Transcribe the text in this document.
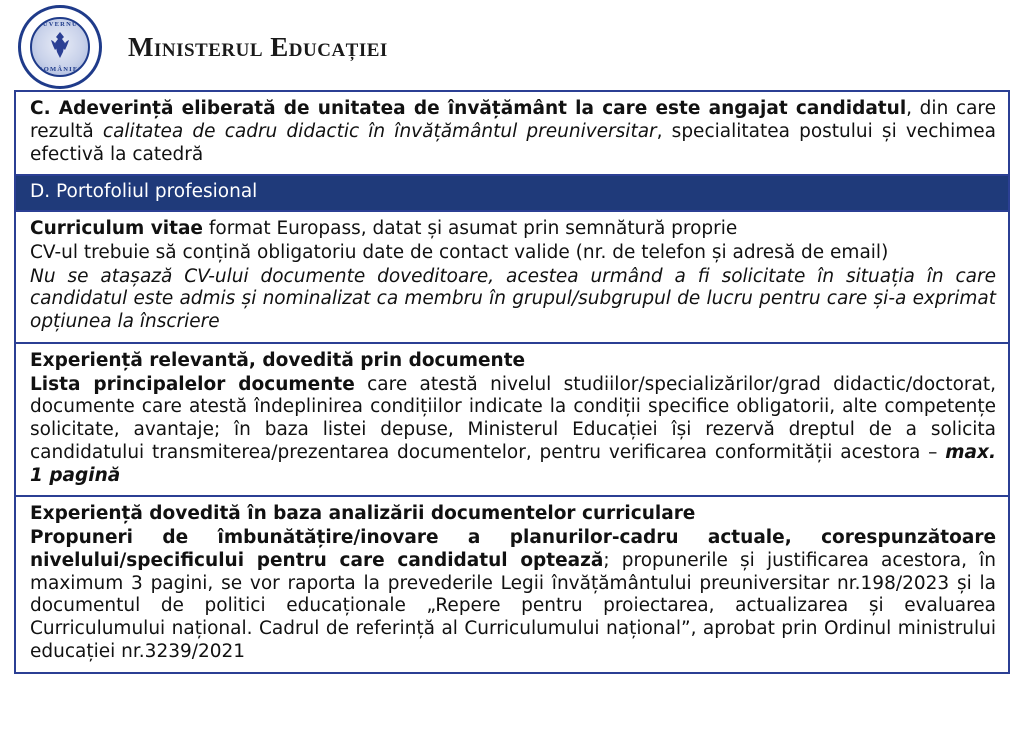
GUVERNUL
ROMÂNIEI
Ministerul Educației

C. Adeverință eliberată de unitatea de învățământ la care este angajat candidatul, din care rezultă calitatea de cadru didactic în învățământul preuniversitar, specialitatea postului și vechimea efectivă la catedră

D. Portofoliul profesional

Curriculum vitae format Europass, datat și asumat prin semnătură proprie

CV-ul trebuie să conțină obligatoriu date de contact valide (nr. de telefon și adresă de email)

Nu se atașază CV-ului documente doveditoare, acestea urmând a fi solicitate în situația în care candidatul este admis și nominalizat ca membru în grupul/subgrupul de lucru pentru care și-a exprimat opțiunea la înscriere

Experiență relevantă, dovedită prin documente

Lista principalelor documente care atestă nivelul studiilor/specializărilor/grad didactic/doctorat, documente care atestă îndeplinirea condițiilor indicate la condiții specifice obligatorii, alte competențe solicitate, avantaje; în baza listei depuse, Ministerul Educației își rezervă dreptul de a solicita candidatului transmiterea/prezentarea documentelor, pentru verificarea conformității acestora – max. 1 pagină

Experiență dovedită în baza analizării documentelor curriculare

Propuneri de îmbunătățire/inovare a planurilor-cadru actuale, corespunzătoare nivelului/specificului pentru care candidatul optează; propunerile și justificarea acestora, în maximum 3 pagini, se vor raporta la prevederile Legii învățământului preuniversitar nr.198/2023 și la documentul de politici educaționale „Repere pentru proiectarea, actualizarea și evaluarea Curriculumului național. Cadrul de referință al Curriculumului național”, aprobat prin Ordinul ministrului educației nr.3239/2021
